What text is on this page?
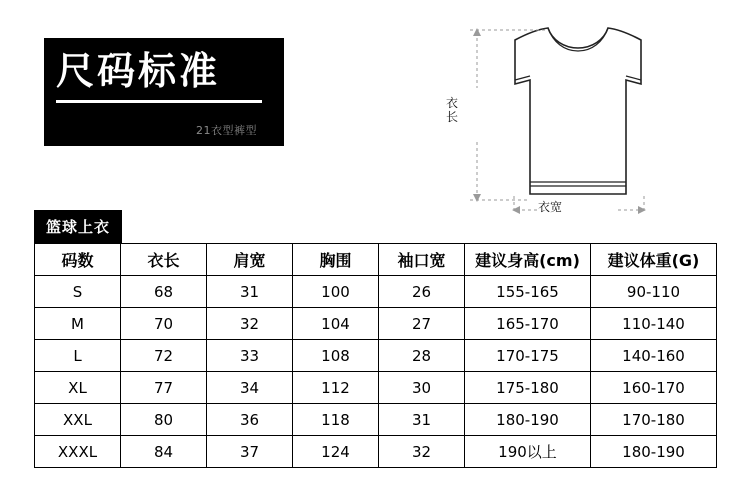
尺码标准
21衣型裤型
衣长
衣宽
篮球上衣
码数	衣长	肩宽	胸围	袖口宽	建议身高(cm)	建议体重(G)
S	68	31	100	26	155-165	90-110
M	70	32	104	27	165-170	110-140
L	72	33	108	28	170-175	140-160
XL	77	34	112	30	175-180	160-170
XXL	80	36	118	31	180-190	170-180
XXXL	84	37	124	32	190以上	180-190
